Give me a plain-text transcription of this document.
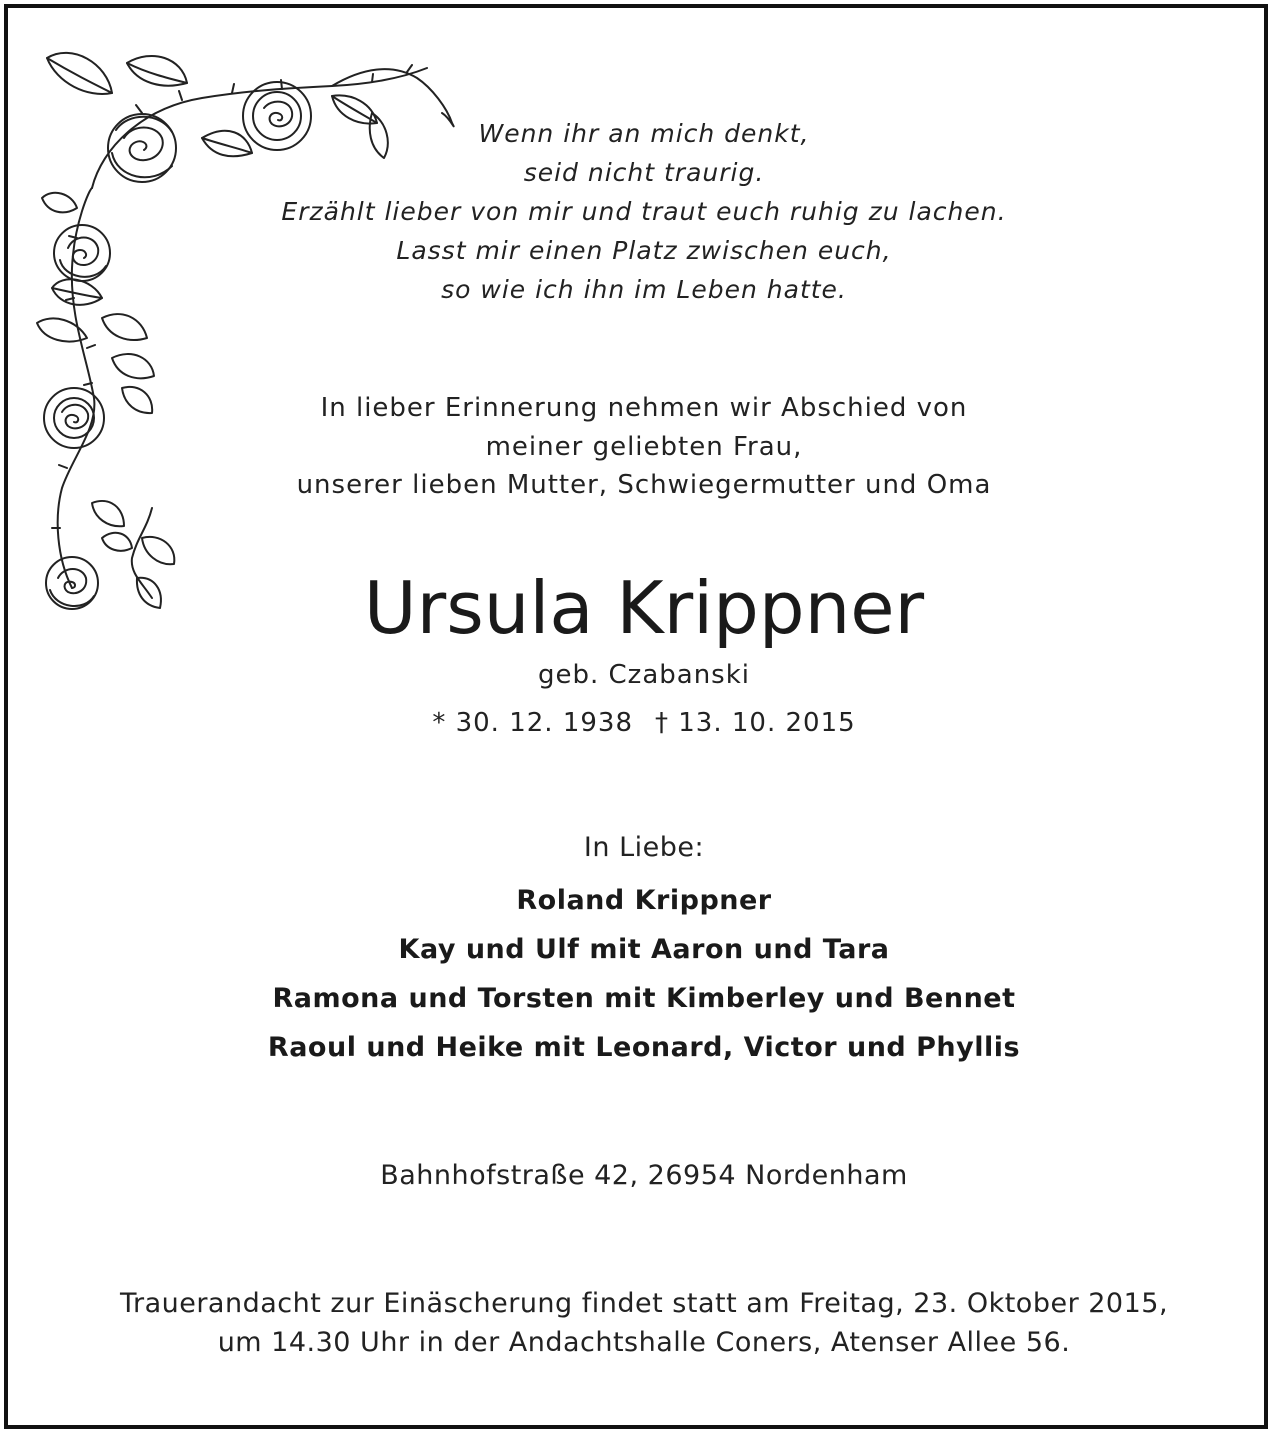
Wenn ihr an mich denkt,
seid nicht traurig.
Erzählt lieber von mir und traut euch ruhig zu lachen.
Lasst mir einen Platz zwischen euch,
so wie ich ihn im Leben hatte.

In lieber Erinnerung nehmen wir Abschied von
meiner geliebten Frau,
unserer lieben Mutter, Schwiegermutter und Oma

Ursula Krippner

geb. Czabanski

* 30. 12. 1938 † 13. 10. 2015

In Liebe:

Roland Krippner
Kay und Ulf mit Aaron und Tara
Ramona und Torsten mit Kimberley und Bennet
Raoul und Heike mit Leonard, Victor und Phyllis

Bahnhofstraße 42, 26954 Nordenham

Trauerandacht zur Einäscherung findet statt am Freitag, 23. Oktober 2015,
um 14.30 Uhr in der Andachtshalle Coners, Atenser Allee 56.
